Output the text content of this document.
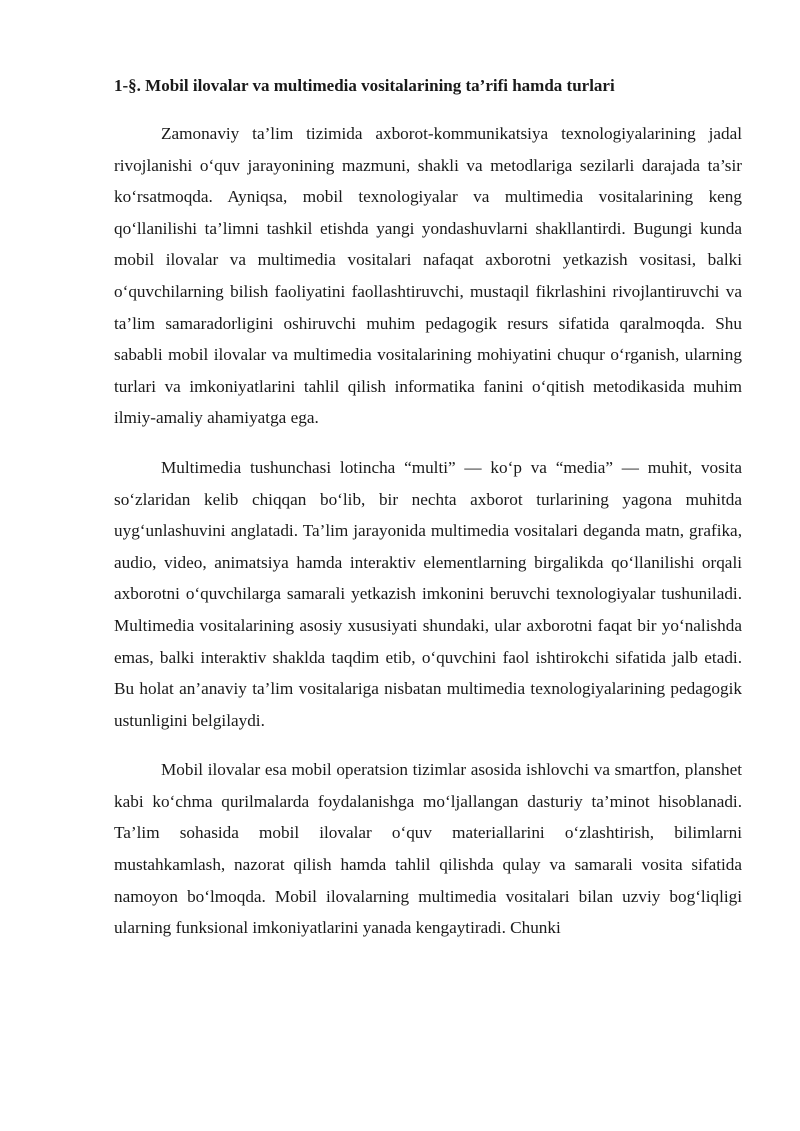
1-§. Mobil ilovalar va multimedia vositalarining ta’rifi hamda turlari

Zamonaviy ta’lim tizimida axborot-kommunikatsiya texnologiyalarining jadal rivojlanishi o‘quv jarayonining mazmuni, shakli va metodlariga sezilarli darajada ta’sir ko‘rsatmoqda. Ayniqsa, mobil texnologiyalar va multimedia vositalarining keng qo‘llanilishi ta’limni tashkil etishda yangi yondashuvlarni shakllantirdi. Bugungi kunda mobil ilovalar va multimedia vositalari nafaqat axborotni yetkazish vositasi, balki o‘quvchilarning bilish faoliyatini faollashtiruvchi, mustaqil fikrlashini rivojlantiruvchi va ta’lim samaradorligini oshiruvchi muhim pedagogik resurs sifatida qaralmoqda. Shu sababli mobil ilovalar va multimedia vositalarining mohiyatini chuqur o‘rganish, ularning turlari va imkoniyatlarini tahlil qilish informatika fanini o‘qitish metodikasida muhim ilmiy-amaliy ahamiyatga ega.

Multimedia tushunchasi lotincha “multi” — ko‘p va “media” — muhit, vosita so‘zlaridan kelib chiqqan bo‘lib, bir nechta axborot turlarining yagona muhitda uyg‘unlashuvini anglatadi. Ta’lim jarayonida multimedia vositalari deganda matn, grafika, audio, video, animatsiya hamda interaktiv elementlarning birgalikda qo‘llanilishi orqali axborotni o‘quvchilarga samarali yetkazish imkonini beruvchi texnologiyalar tushuniladi. Multimedia vositalarining asosiy xususiyati shundaki, ular axborotni faqat bir yo‘nalishda emas, balki interaktiv shaklda taqdim etib, o‘quvchini faol ishtirokchi sifatida jalb etadi. Bu holat an’anaviy ta’lim vositalariga nisbatan multimedia texnologiyalarining pedagogik ustunligini belgilaydi.

Mobil ilovalar esa mobil operatsion tizimlar asosida ishlovchi va smartfon, planshet kabi ko‘chma qurilmalarda foydalanishga mo‘ljallangan dasturiy ta’minot hisoblanadi. Ta’lim sohasida mobil ilovalar o‘quv materiallarini o‘zlashtirish, bilimlarni mustahkamlash, nazorat qilish hamda tahlil qilishda qulay va samarali vosita sifatida namoyon bo‘lmoqda. Mobil ilovalarning multimedia vositalari bilan uzviy bog‘liqligi ularning funksional imkoniyatlarini yanada kengaytiradi. Chunki
